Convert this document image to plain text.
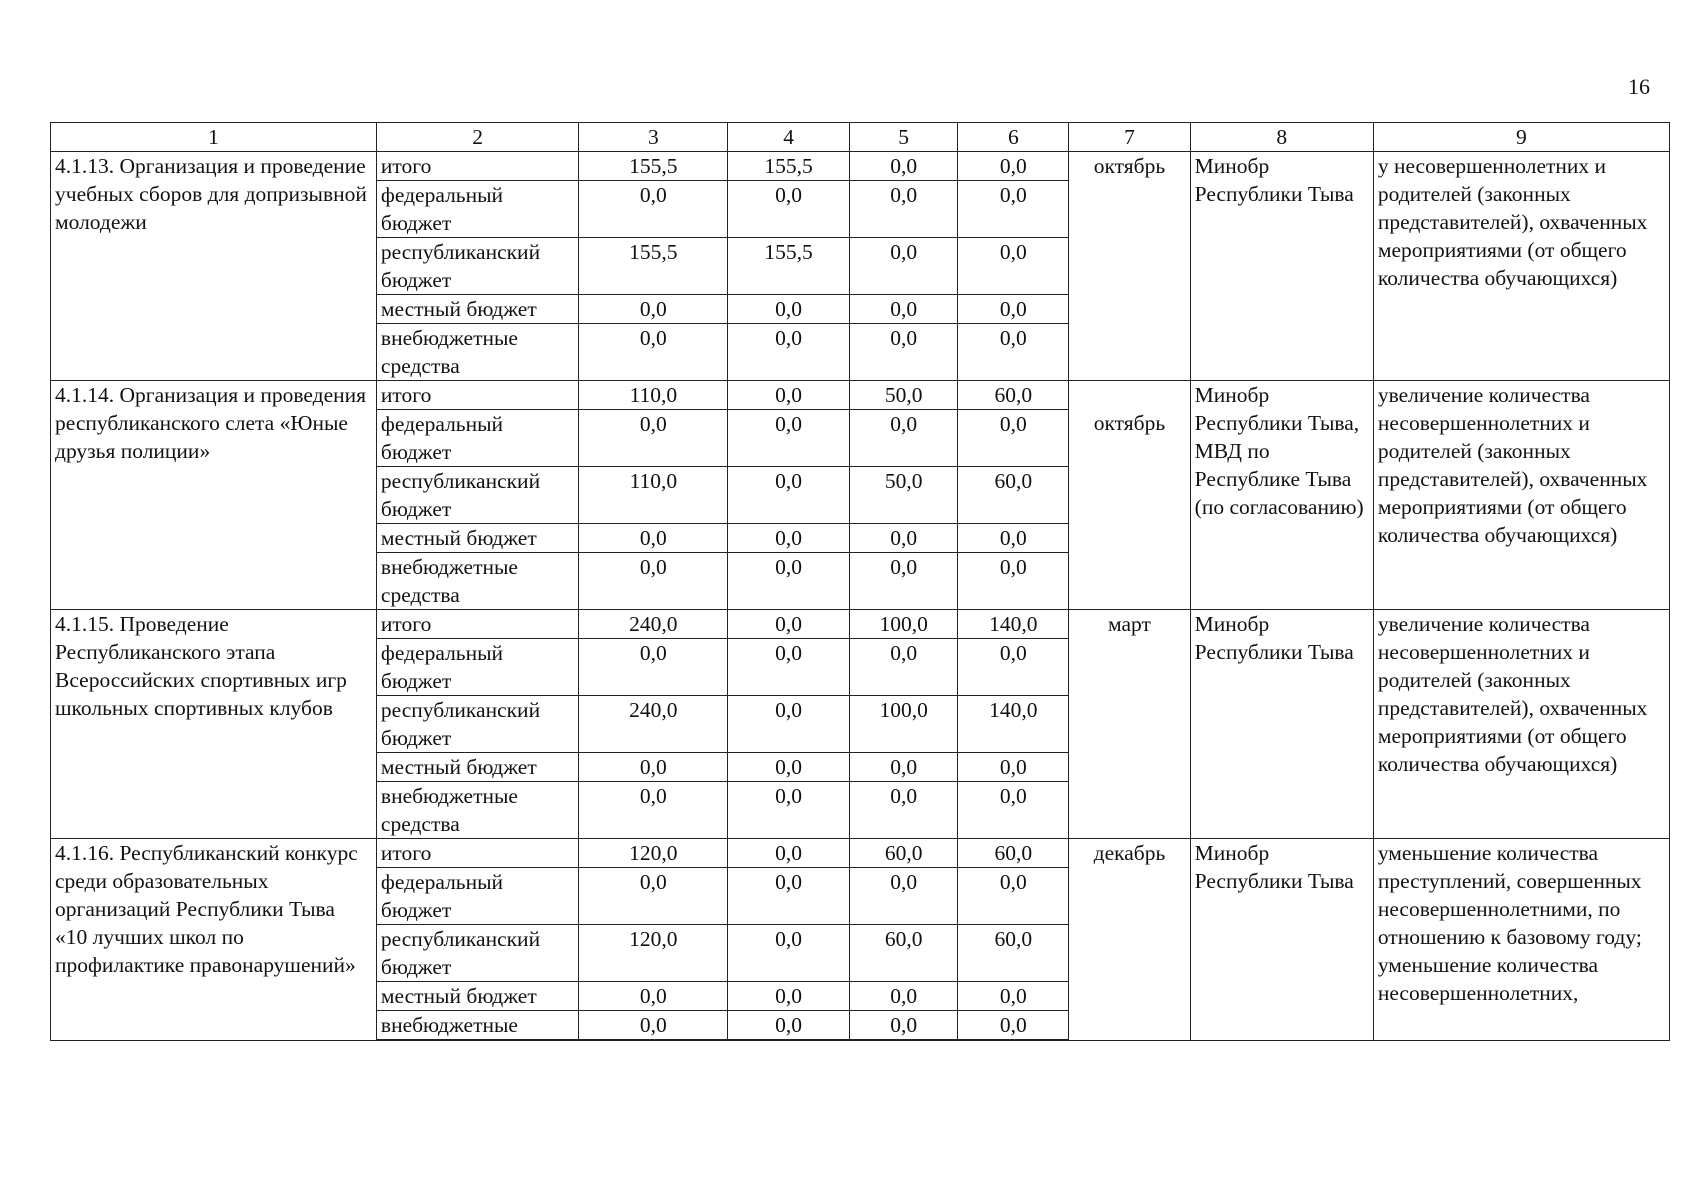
16
1	2	3	4	5	6	7	8	9
4.1.13. Организация и проведение учебных сборов для допризывной молодежи	итого	155,5	155,5	0,0	0,0	октябрь	Минобр Республики Тыва	у несовершеннолетних и родителей (законных представителей), охваченных мероприятиями (от общего количества обучающихся)
	федеральный бюджет	0,0	0,0	0,0	0,0			
	республиканский бюджет	155,5	155,5	0,0	0,0			
	местный бюджет	0,0	0,0	0,0	0,0			
	внебюджетные средства	0,0	0,0	0,0	0,0			
4.1.14. Организация и проведения республиканского слета «Юные друзья полиции»	итого	110,0	0,0	50,0	60,0	октябрь	Минобр Республики Тыва, МВД по Республике Тыва (по согласованию)	увеличение количества несовершеннолетних и родителей (законных представителей), охваченных мероприятиями (от общего количества обучающихся)
	федеральный бюджет	0,0	0,0	0,0	0,0			
	республиканский бюджет	110,0	0,0	50,0	60,0			
	местный бюджет	0,0	0,0	0,0	0,0			
	внебюджетные средства	0,0	0,0	0,0	0,0			
4.1.15. Проведение Республиканского этапа Всероссийских спортивных игр школьных спортивных клубов	итого	240,0	0,0	100,0	140,0	март	Минобр Республики Тыва	увеличение количества несовершеннолетних и родителей (законных представителей), охваченных мероприятиями (от общего количества обучающихся)
	федеральный бюджет	0,0	0,0	0,0	0,0			
	республиканский бюджет	240,0	0,0	100,0	140,0			
	местный бюджет	0,0	0,0	0,0	0,0			
	внебюджетные средства	0,0	0,0	0,0	0,0			
4.1.16. Республиканский конкурс среди образовательных организаций Республики Тыва «10 лучших школ по профилактике правонарушений»	итого	120,0	0,0	60,0	60,0	декабрь	Минобр Республики Тыва	уменьшение количества преступлений, совершенных несовершеннолетними, по отношению к базовому году; уменьшение количества несовершеннолетних,
	федеральный бюджет	0,0	0,0	0,0	0,0			
	республиканский бюджет	120,0	0,0	60,0	60,0			
	местный бюджет	0,0	0,0	0,0	0,0			
	внебюджетные	0,0	0,0	0,0	0,0			
